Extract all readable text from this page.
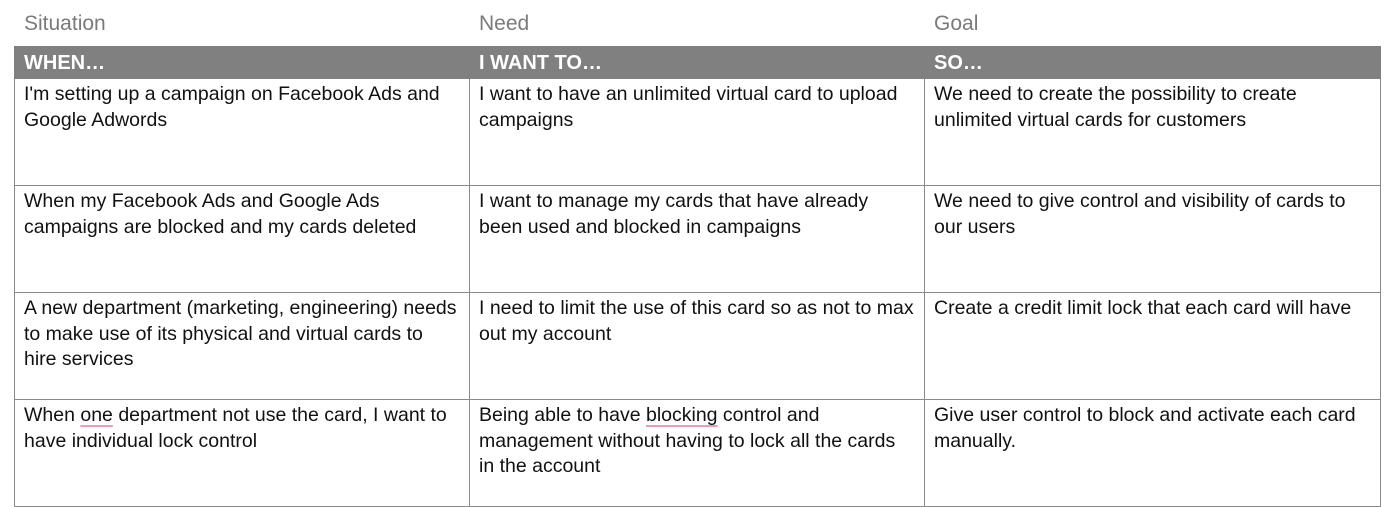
Situation	Need	Goal
WHEN…	I WANT TO…	SO…

I'm setting up a campaign on Facebook Ads and Google Adwords	I want to have an unlimited virtual card to upload campaigns	We need to create the possibility to create unlimited virtual cards for customers

When my Facebook Ads and Google Ads campaigns are blocked and my cards deleted	I want to manage my cards that have already been used and blocked in campaigns	We need to give control and visibility of cards to our users

A new department (marketing, engineering) needs to make use of its physical and virtual cards to hire services	I need to limit the use of this card so as not to max out my account	Create a credit limit lock that each card will have

When one department not use the card, I want to have individual lock control	Being able to have blocking control and management without having to lock all the cards in the account	Give user control to block and activate each card manually.
